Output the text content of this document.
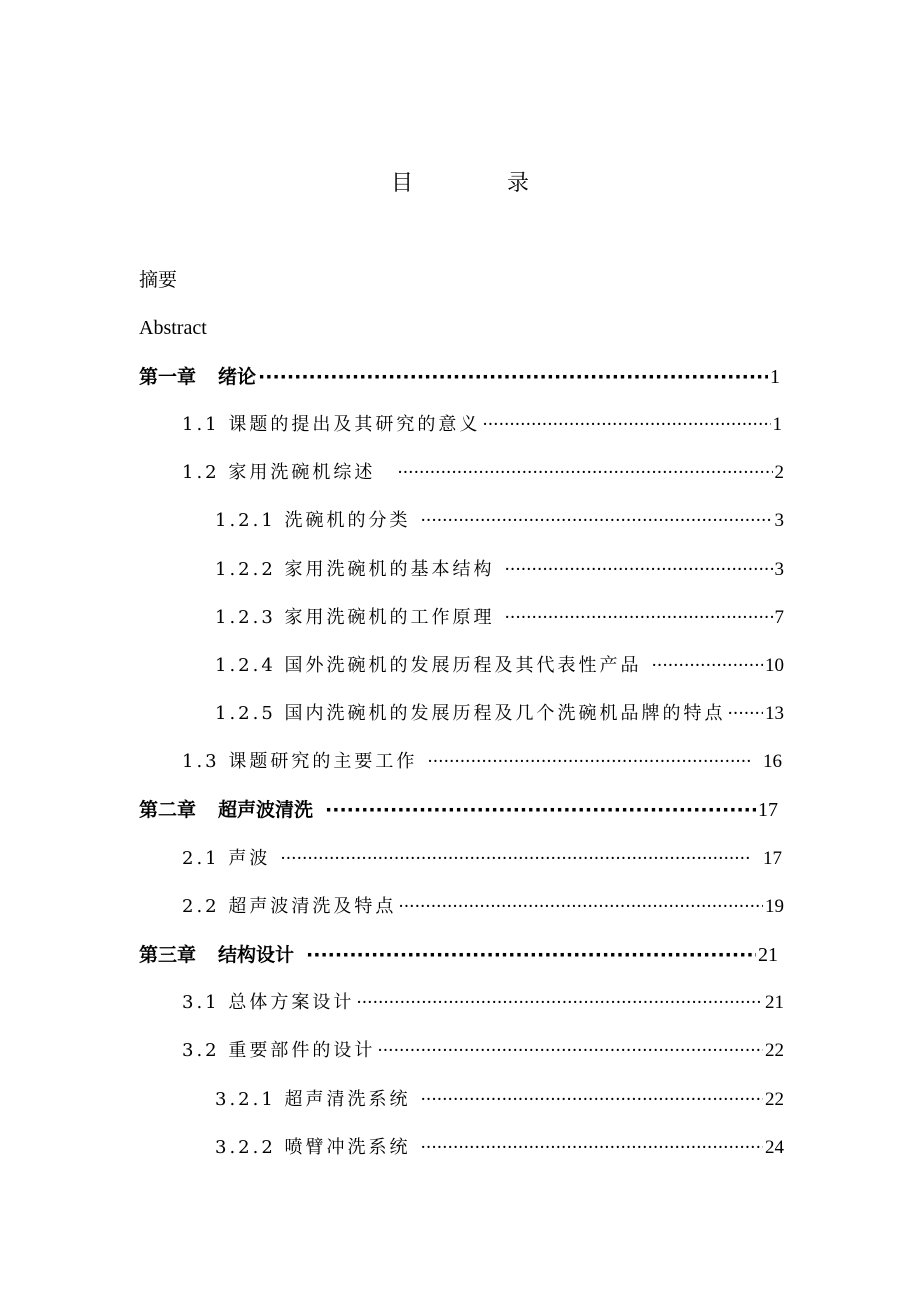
目　录
摘要
Abstract
第一章 绪论 ·····	1
1.1 课题的提出及其研究的意义 ·····	1
1.2 家用洗碗机综述 ·····	2
1.2.1 洗碗机的分类 ·····	3
1.2.2 家用洗碗机的基本结构 ·····	3
1.2.3 家用洗碗机的工作原理 ·····	7
1.2.4 国外洗碗机的发展历程及其代表性产品 ·····	10
1.2.5 国内洗碗机的发展历程及几个洗碗机品牌的特点 ····· 13
1.3 课题研究的主要工作 ·····	16
第二章 超声波清洗 ·····	17
2.1 声波 ·····	17
2.2 超声波清洗及特点 ·····	19
第三章 结构设计 ·····	21
3.1 总体方案设计 ·····	21
3.2 重要部件的设计 ·····	22
3.2.1 超声清洗系统 ·····	22
3.2.2 喷臂冲洗系统 ·····	24
